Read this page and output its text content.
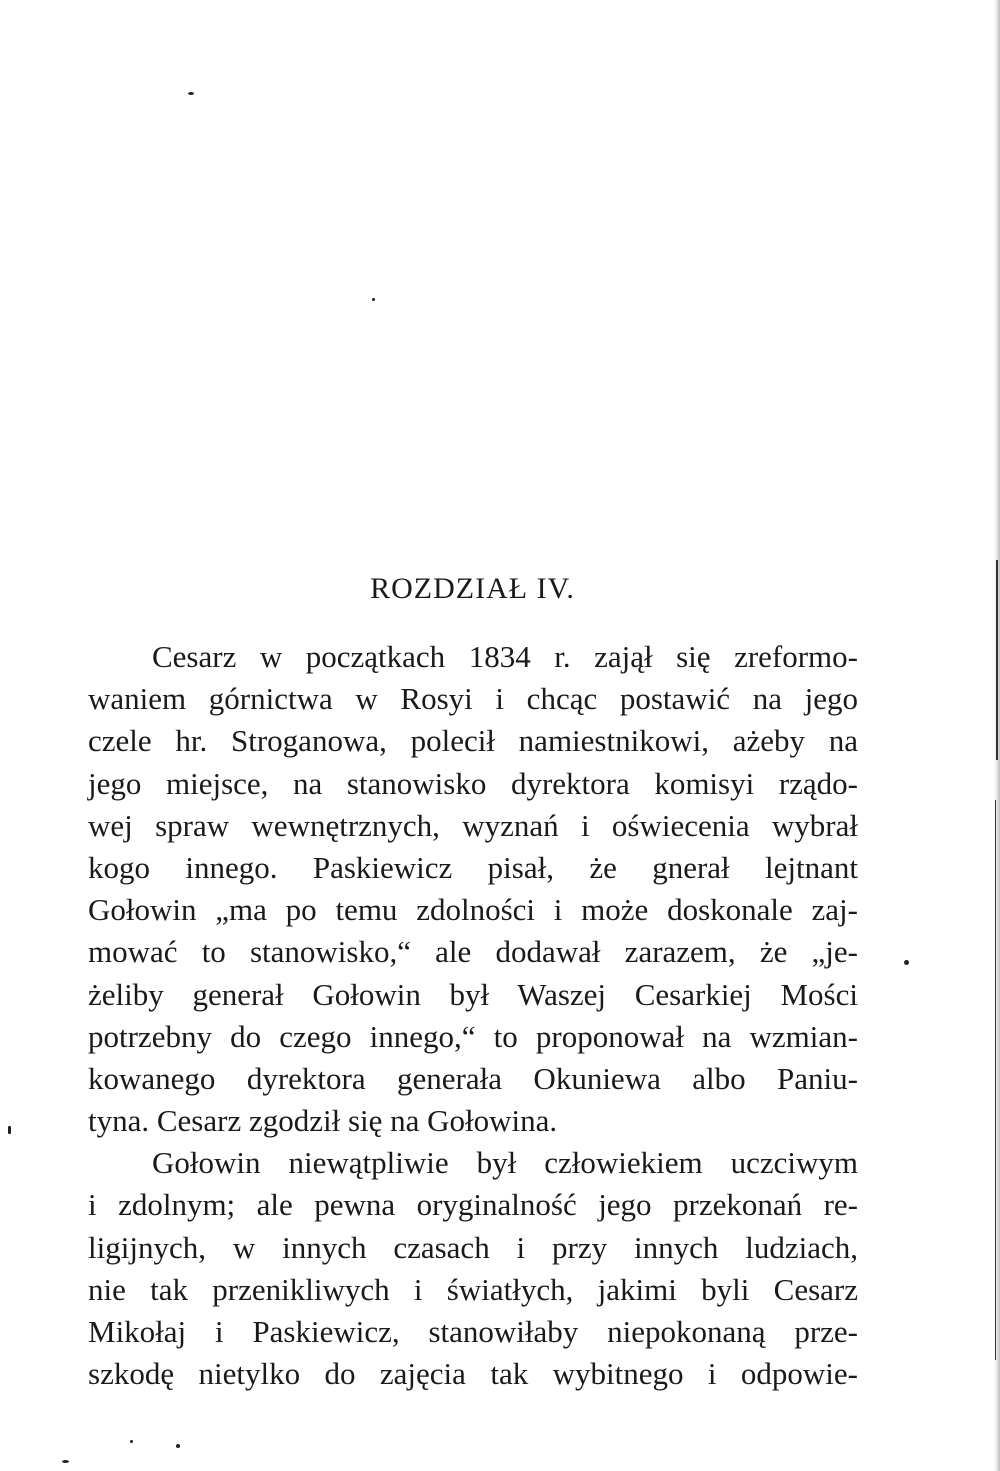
ROZDZIAŁ IV.
Cesarz w początkach 1834 r. zajął się zreformo-
waniem górnictwa w Rosyi i chcąc postawić na jego
czele hr. Stroganowa, polecił namiestnikowi, ażeby na
jego miejsce, na stanowisko dyrektora komisyi rządo-
wej spraw wewnętrznych, wyznań i oświecenia wybrał
kogo innego. Paskiewicz pisał, że gnerał lejtnant
Gołowin „ma po temu zdolności i może doskonale zaj-
mować to stanowisko,“ ale dodawał zarazem, że „je-
żeliby generał Gołowin był Waszej Cesarkiej Mości
potrzebny do czego innego,“ to proponował na wzmian-
kowanego dyrektora generała Okuniewa albo Paniu-
tyna. Cesarz zgodził się na Gołowina.
Gołowin niewątpliwie był człowiekiem uczciwym
i zdolnym; ale pewna oryginalność jego przekonań re-
ligijnych, w innych czasach i przy innych ludziach,
nie tak przenikliwych i światłych, jakimi byli Cesarz
Mikołaj i Paskiewicz, stanowiłaby niepokonaną prze-
szkodę nietylko do zajęcia tak wybitnego i odpowie-
